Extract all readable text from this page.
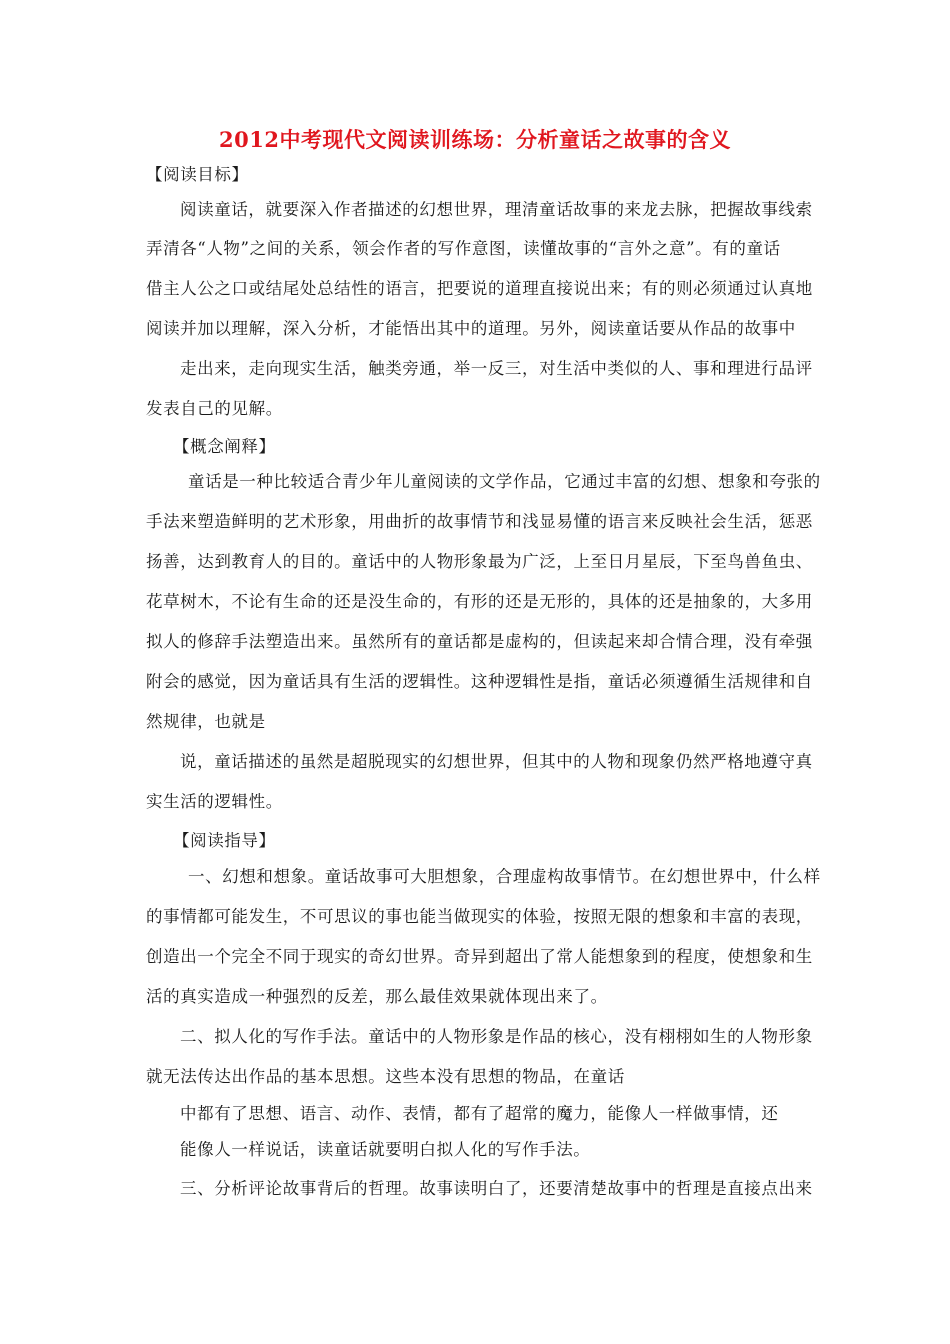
2012中考现代文阅读训练场：分析童话之故事的含义
【阅读目标】
阅读童话，就要深入作者描述的幻想世界，理清童话故事的来龙去脉，把握故事线索
弄清各“人物”之间的关系，领会作者的写作意图，读懂故事的“言外之意”。有的童话
借主人公之口或结尾处总结性的语言，把要说的道理直接说出来；有的则必须通过认真地
阅读并加以理解，深入分析，才能悟出其中的道理。另外，阅读童话要从作品的故事中
走出来，走向现实生活，触类旁通，举一反三，对生活中类似的人、事和理进行品评
发表自己的见解。
【概念阐释】
童话是一种比较适合青少年儿童阅读的文学作品，它通过丰富的幻想、想象和夸张的
手法来塑造鲜明的艺术形象，用曲折的故事情节和浅显易懂的语言来反映社会生活，惩恶
扬善，达到教育人的目的。童话中的人物形象最为广泛，上至日月星辰，下至鸟兽鱼虫、
花草树木，不论有生命的还是没生命的，有形的还是无形的，具体的还是抽象的，大多用
拟人的修辞手法塑造出来。虽然所有的童话都是虚构的，但读起来却合情合理，没有牵强
附会的感觉，因为童话具有生活的逻辑性。这种逻辑性是指，童话必须遵循生活规律和自
然规律，也就是
说，童话描述的虽然是超脱现实的幻想世界，但其中的人物和现象仍然严格地遵守真
实生活的逻辑性。
【阅读指导】
一、幻想和想象。童话故事可大胆想象，合理虚构故事情节。在幻想世界中，什么样
的事情都可能发生，不可思议的事也能当做现实的体验，按照无限的想象和丰富的表现，
创造出一个完全不同于现实的奇幻世界。奇异到超出了常人能想象到的程度，使想象和生
活的真实造成一种强烈的反差，那么最佳效果就体现出来了。
二、拟人化的写作手法。童话中的人物形象是作品的核心，没有栩栩如生的人物形象
就无法传达出作品的基本思想。这些本没有思想的物品，在童话
中都有了思想、语言、动作、表情，都有了超常的魔力，能像人一样做事情，还
能像人一样说话，读童话就要明白拟人化的写作手法。
三、分析评论故事背后的哲理。故事读明白了，还要清楚故事中的哲理是直接点出来
